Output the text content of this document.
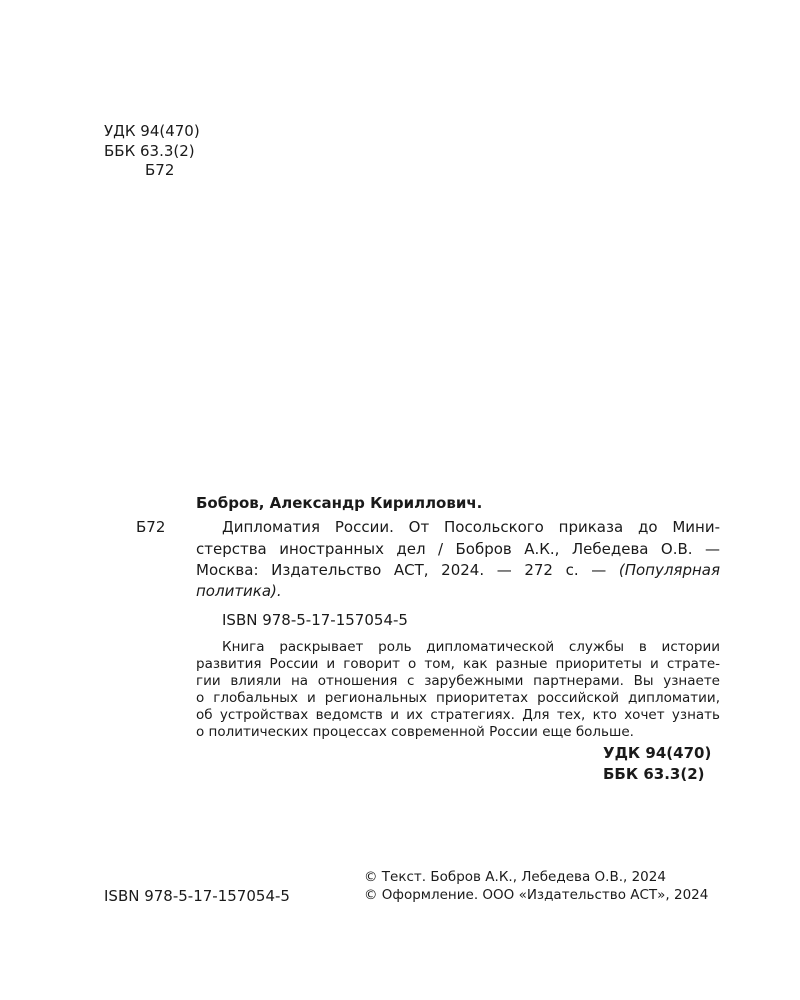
УДК 94(470)
ББК 63.3(2)
Б72
Бобров, Александр Кириллович.
Б72	Дипломатия России. От Посольского приказа до Мини-
стерства иностранных дел / Бобров А.К., Лебедева О.В. —
Москва: Издательство АСТ, 2024. — 272 с. — (Популярная
политика).
ISBN 978-5-17-157054-5
Книга раскрывает роль дипломатической службы в истории
развития России и говорит о том, как разные приоритеты и страте-
гии влияли на отношения с зарубежными партнерами. Вы узнаете
о глобальных и региональных приоритетах российской дипломатии,
об устройствах ведомств и их стратегиях. Для тех, кто хочет узнать
о политических процессах современной России еще больше.
УДК 94(470)
ББК 63.3(2)
ISBN 978-5-17-157054-5
© Текст. Бобров А.К., Лебедева О.В., 2024
© Оформление. ООО «Издательство АСТ», 2024
